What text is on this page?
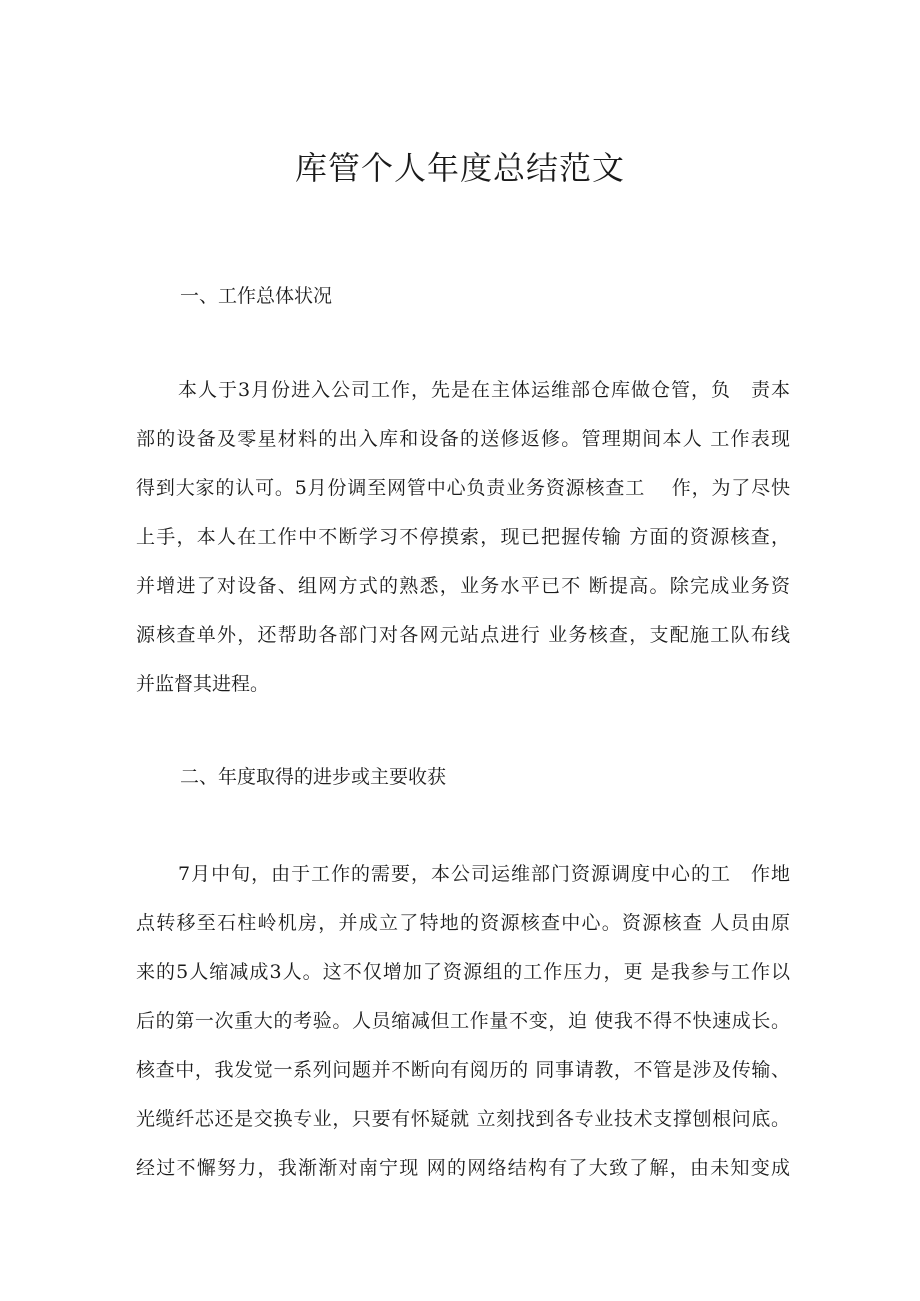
库管个人年度总结范文
一、工作总体状况
本人于3月份进入公司工作，先是在主体运维部仓库做仓管，负　责本
部的设备及零星材料的出入库和设备的送修返修。管理期间本人 工作表现
得到大家的认可。5月份调至网管中心负责业务资源核查工　 作，为了尽快
上手，本人在工作中不断学习不停摸索，现已把握传输 方面的资源核查，
并增进了对设备、组网方式的熟悉，业务水平已不 断提高。除完成业务资
源核查单外，还帮助各部门对各网元站点进行 业务核查，支配施工队布线
并监督其进程。
二、年度取得的进步或主要收获
7月中旬，由于工作的需要，本公司运维部门资源调度中心的工　作地
点转移至石柱岭机房，并成立了特地的资源核查中心。资源核查 人员由原
来的5人缩减成3人。这不仅增加了资源组的工作压力，更 是我参与工作以
后的第一次重大的考验。人员缩减但工作量不变，迫 使我不得不快速成长。
核查中，我发觉一系列问题并不断向有阅历的 同事请教，不管是涉及传输、
光缆纤芯还是交换专业，只要有怀疑就 立刻找到各专业技术支撑刨根问底。
经过不懈努力，我渐渐对南宁现 网的网络结构有了大致了解，由未知变成
